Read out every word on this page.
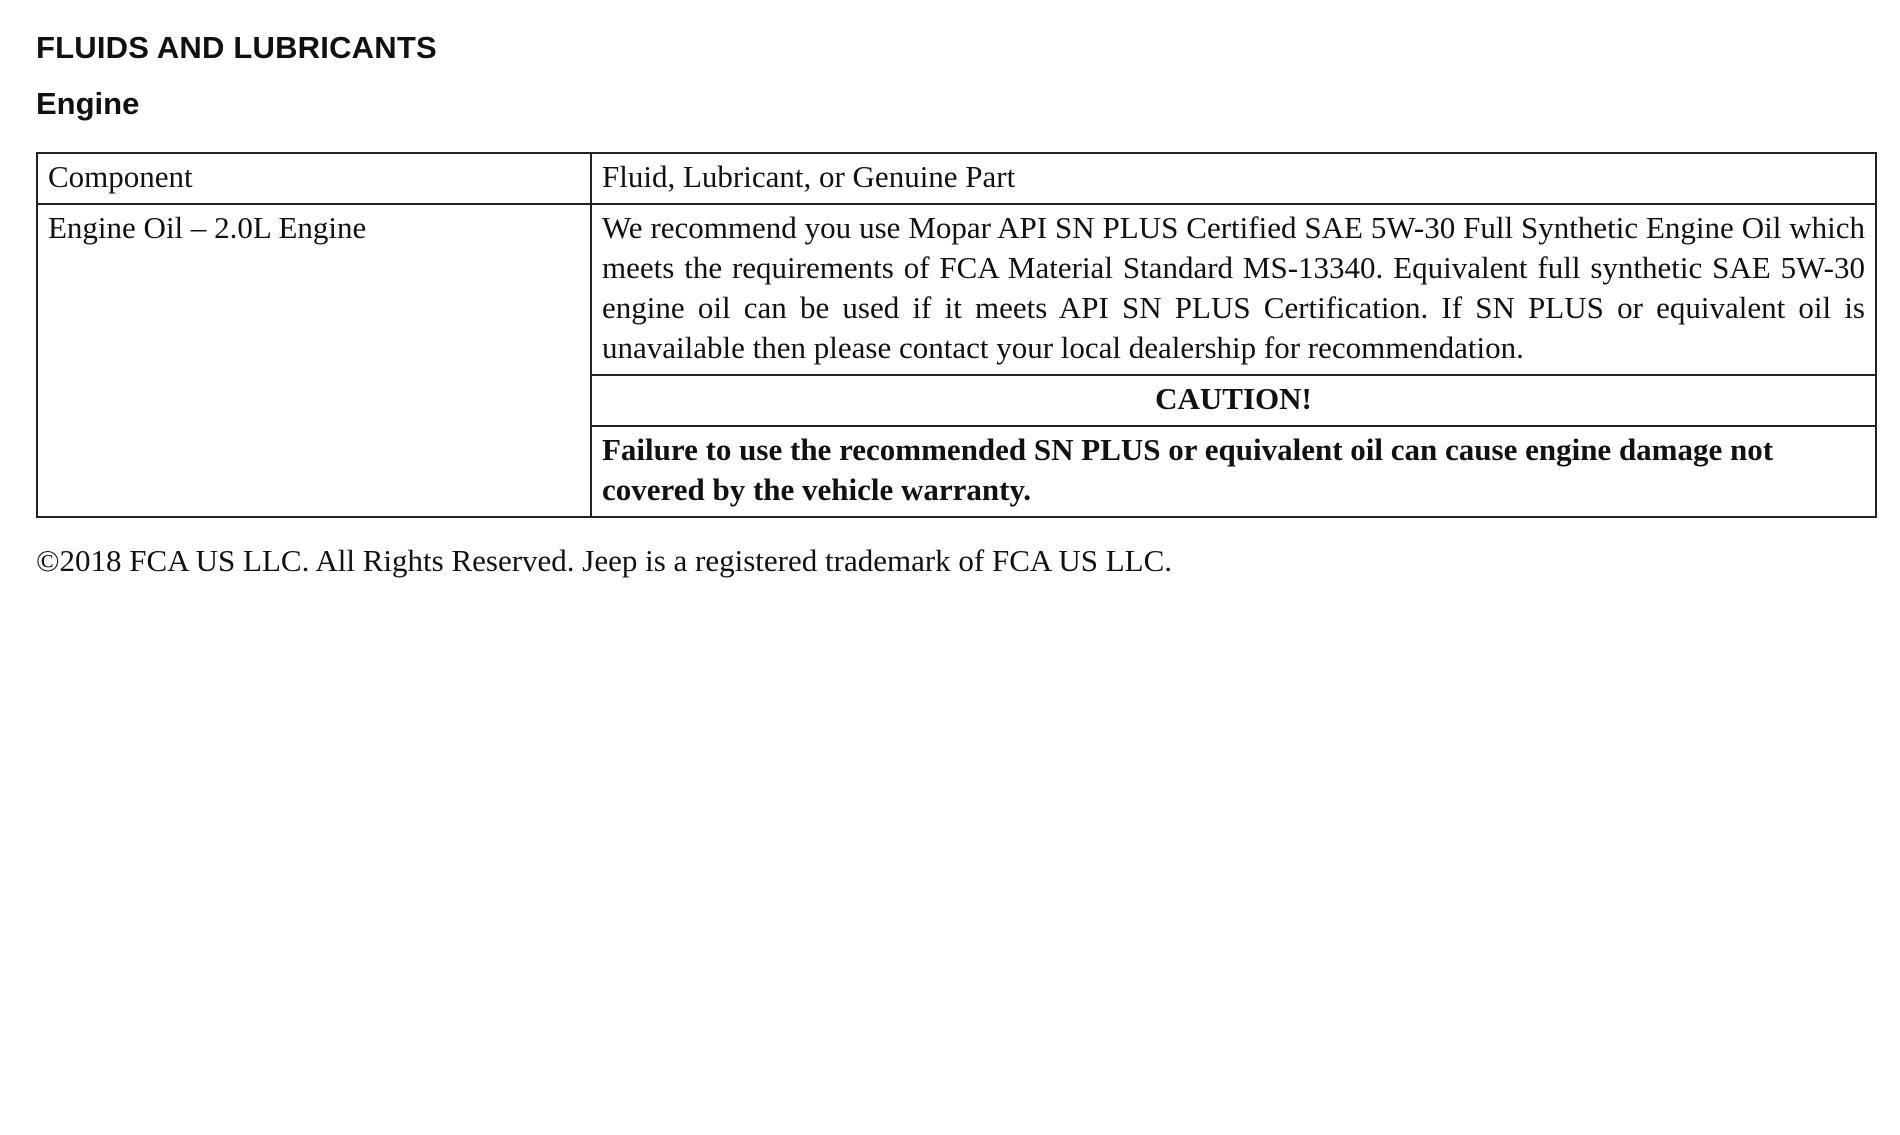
FLUIDS AND LUBRICANTS
Engine
Component	Fluid, Lubricant, or Genuine Part
Engine Oil – 2.0L Engine	We recommend you use Mopar API SN PLUS Certified SAE 5W-30 Full Synthetic Engine Oil which meets the requirements of FCA Material Standard MS-13340. Equivalent full synthetic SAE 5W-30 engine oil can be used if it meets API SN PLUS Certification. If SN PLUS or equivalent oil is unavailable then please contact your local dealership for recommendation.
	CAUTION!
	Failure to use the recommended SN PLUS or equivalent oil can cause engine damage not covered by the vehicle warranty.
©2018 FCA US LLC. All Rights Reserved. Jeep is a registered trademark of FCA US LLC.
